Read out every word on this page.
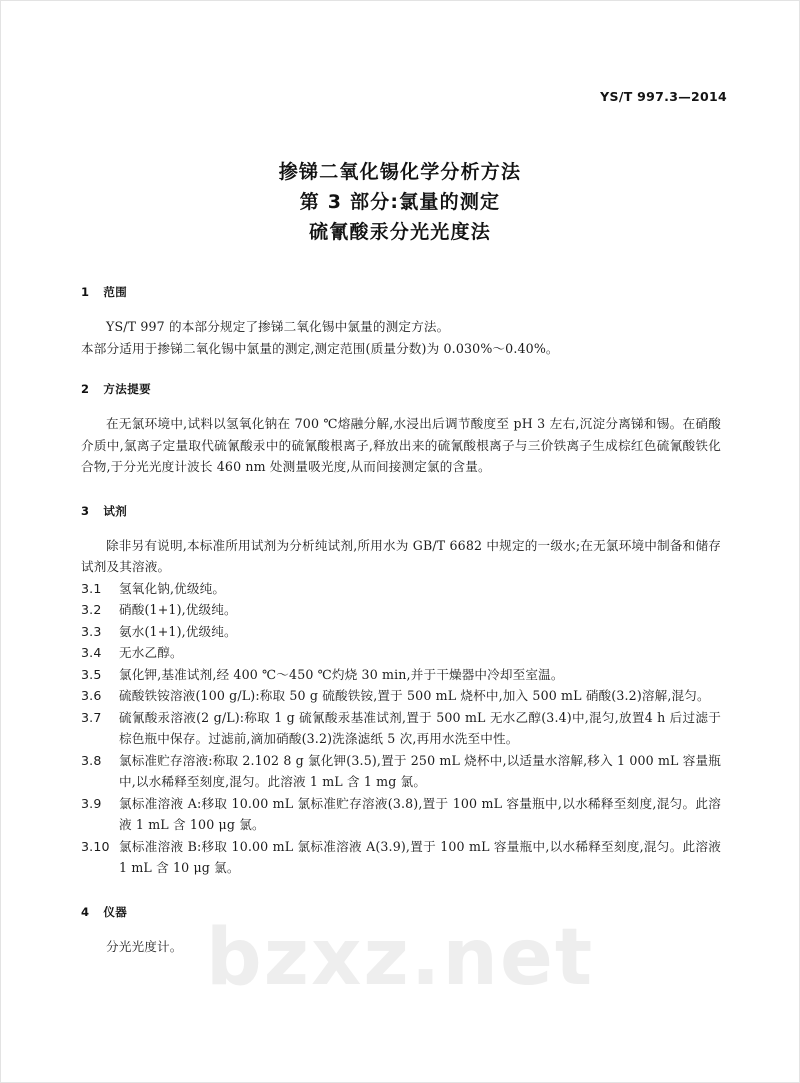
bzxz.net
YS/T 997.3—2014
掺锑二氧化锡化学分析方法
第 3 部分:氯量的测定
硫氰酸汞分光光度法
1 范围

YS/T 997 的本部分规定了掺锑二氧化锡中氯量的测定方法。

本部分适用于掺锑二氧化锡中氯量的测定,测定范围(质量分数)为 0.030%～0.40%。

2 方法提要

在无氯环境中,试料以氢氧化钠在 700 ℃熔融分解,水浸出后调节酸度至 pH 3 左右,沉淀分离锑和锡。在硝酸介质中,氯离子定量取代硫氰酸汞中的硫氰酸根离子,释放出来的硫氰酸根离子与三价铁离子生成棕红色硫氰酸铁化合物,于分光光度计波长 460 nm 处测量吸光度,从而间接测定氯的含量。

3 试剂

除非另有说明,本标准所用试剂为分析纯试剂,所用水为 GB/T 6682 中规定的一级水;在无氯环境中制备和储存试剂及其溶液。

3.1	氢氧化钠,优级纯。
3.2	硝酸(1+1),优级纯。
3.3	氨水(1+1),优级纯。
3.4	无水乙醇。
3.5	氯化钾,基准试剂,经 400 ℃～450 ℃灼烧 30 min,并于干燥器中冷却至室温。
3.6	硫酸铁铵溶液(100 g/L):称取 50 g 硫酸铁铵,置于 500 mL 烧杯中,加入 500 mL 硝酸(3.2)溶解,混匀。
3.7	硫氰酸汞溶液(2 g/L):称取 1 g 硫氰酸汞基准试剂,置于 500 mL 无水乙醇(3.4)中,混匀,放置4 h 后过滤于棕色瓶中保存。过滤前,滴加硝酸(3.2)洗涤滤纸 5 次,再用水洗至中性。
3.8	氯标准贮存溶液:称取 2.102 8 g 氯化钾(3.5),置于 250 mL 烧杯中,以适量水溶解,移入 1 000 mL 容量瓶中,以水稀释至刻度,混匀。此溶液 1 mL 含 1 mg 氯。
3.9	氯标准溶液 A:移取 10.00 mL 氯标准贮存溶液(3.8),置于 100 mL 容量瓶中,以水稀释至刻度,混匀。此溶液 1 mL 含 100 μg 氯。
3.10 氯标准溶液 B:移取 10.00 mL 氯标准溶液 A(3.9),置于 100 mL 容量瓶中,以水稀释至刻度,混匀。此溶液 1 mL 含 10 μg 氯。
4 仪器

分光光度计。
